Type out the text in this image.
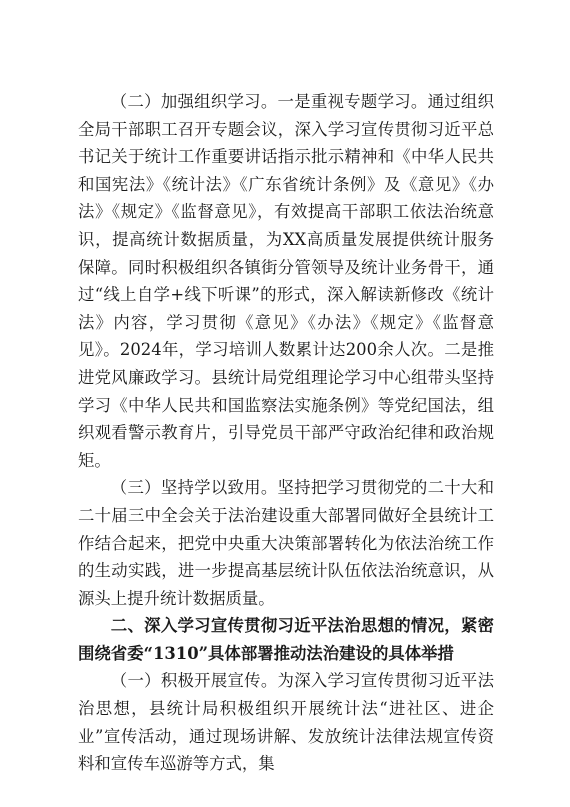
（二）加强组织学习。一是重视专题学习。通过组织全局干部职工召开专题会议，深入学习宣传贯彻习近平总书记关于统计工作重要讲话指示批示精神和《中华人民共和国宪法》《统计法》《广东省统计条例》及《意见》《办法》《规定》《监督意见》，有效提高干部职工依法治统意识，提高统计数据质量，为XX高质量发展提供统计服务保障。同时积极组织各镇街分管领导及统计业务骨干，通过“线上自学+线下听课”的形式，深入解读新修改《统计法》内容，学习贯彻《意见》《办法》《规定》《监督意见》。2024年，学习培训人数累计达200余人次。二是推进党风廉政学习。县统计局党组理论学习中心组带头坚持学习《中华人民共和国监察法实施条例》等党纪国法，组织观看警示教育片，引导党员干部严守政治纪律和政治规矩。

（三）坚持学以致用。坚持把学习贯彻党的二十大和二十届三中全会关于法治建设重大部署同做好全县统计工作结合起来，把党中央重大决策部署转化为依法治统工作的生动实践，进一步提高基层统计队伍依法治统意识，从源头上提升统计数据质量。

二、深入学习宣传贯彻习近平法治思想的情况，紧密围绕省委“1310”具体部署推动法治建设的具体举措

（一）积极开展宣传。为深入学习宣传贯彻习近平法治思想，县统计局积极组织开展统计法“进社区、进企业”宣传活动，通过现场讲解、发放统计法律法规宣传资料和宣传车巡游等方式，集
